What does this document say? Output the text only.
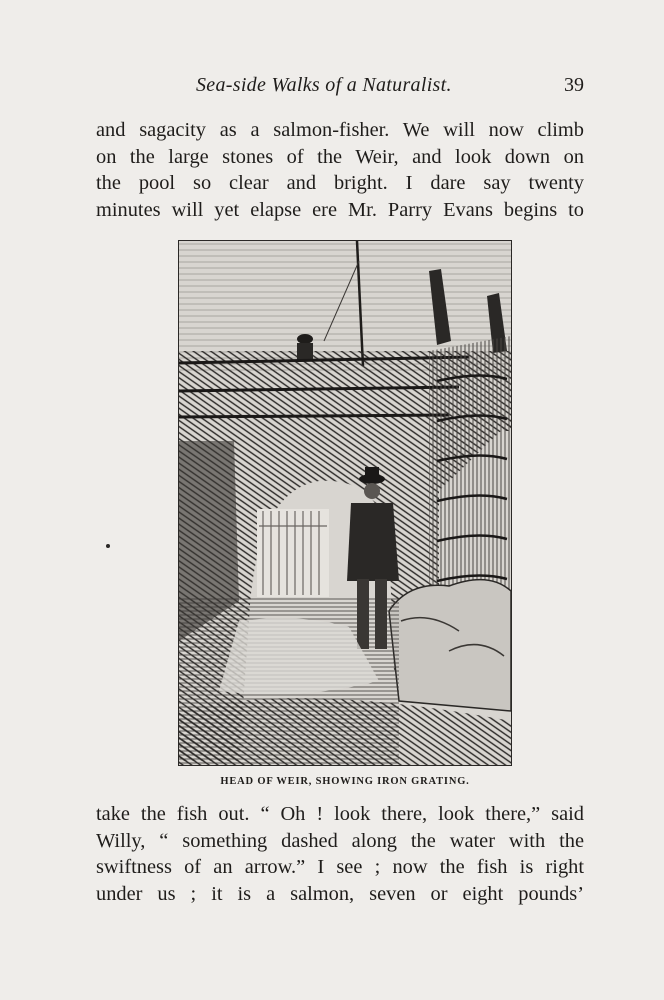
Sea-side Walks of a Naturalist.	39
and sagacity as a salmon-fisher. We will now climb
on the large stones of the Weir, and look down on
the pool so clear and bright. I dare say twenty
minutes will yet elapse ere Mr. Parry Evans begins to
HEAD OF WEIR, SHOWING IRON GRATING.
take the fish out. “ Oh ! look there, look there,” said
Willy, “ something dashed along the water with the
swiftness of an arrow.” I see ; now the fish is right
under us ; it is a salmon, seven or eight pounds’
